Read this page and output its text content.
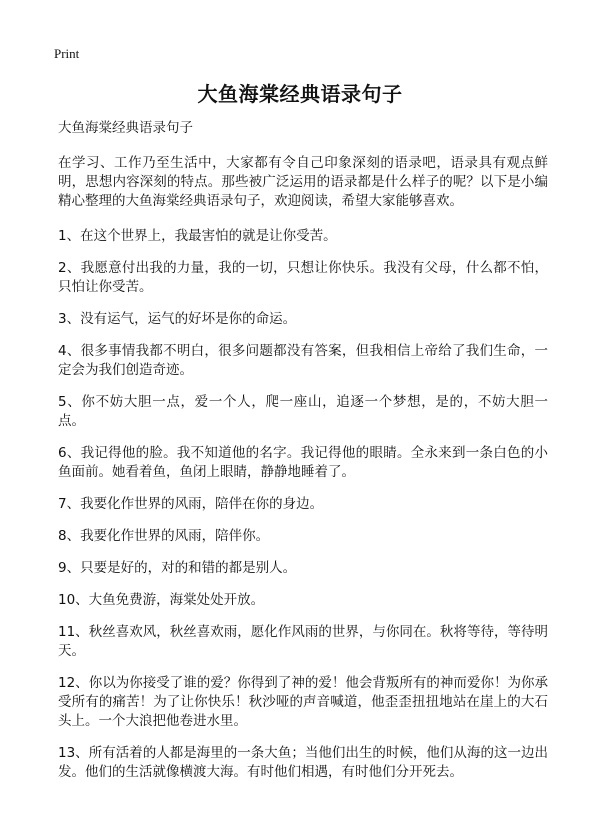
Print
大鱼海棠经典语录句子

大鱼海棠经典语录句子

在学习、工作乃至生活中，大家都有令自己印象深刻的语录吧，语录具有观点鲜明，思想内容深刻的特点。那些被广泛运用的语录都是什么样子的呢？以下是小编精心整理的大鱼海棠经典语录句子，欢迎阅读，希望大家能够喜欢。

1、在这个世界上，我最害怕的就是让你受苦。

2、我愿意付出我的力量，我的一切，只想让你快乐。我没有父母，什么都不怕，只怕让你受苦。

3、没有运气，运气的好坏是你的命运。

4、很多事情我都不明白，很多问题都没有答案，但我相信上帝给了我们生命，一定会为我们创造奇迹。

5、你不妨大胆一点，爱一个人，爬一座山，追逐一个梦想，是的，不妨大胆一点。

6、我记得他的脸。我不知道他的名字。我记得他的眼睛。全永来到一条白色的小鱼面前。她看着鱼，鱼闭上眼睛，静静地睡着了。

7、我要化作世界的风雨，陪伴在你的身边。

8、我要化作世界的风雨，陪伴你。

9、只要是好的，对的和错的都是别人。

10、大鱼免费游，海棠处处开放。

11、秋丝喜欢风，秋丝喜欢雨，愿化作风雨的世界，与你同在。秋将等待，等待明天。

12、你以为你接受了谁的爱？你得到了神的爱！他会背叛所有的神而爱你！为你承受所有的痛苦！为了让你快乐！秋沙哑的声音喊道，他歪歪扭扭地站在崖上的大石头上。一个大浪把他卷进水里。

13、所有活着的人都是海里的一条大鱼；当他们出生的时候，他们从海的这一边出发。他们的生活就像横渡大海。有时他们相遇，有时他们分开死去。
